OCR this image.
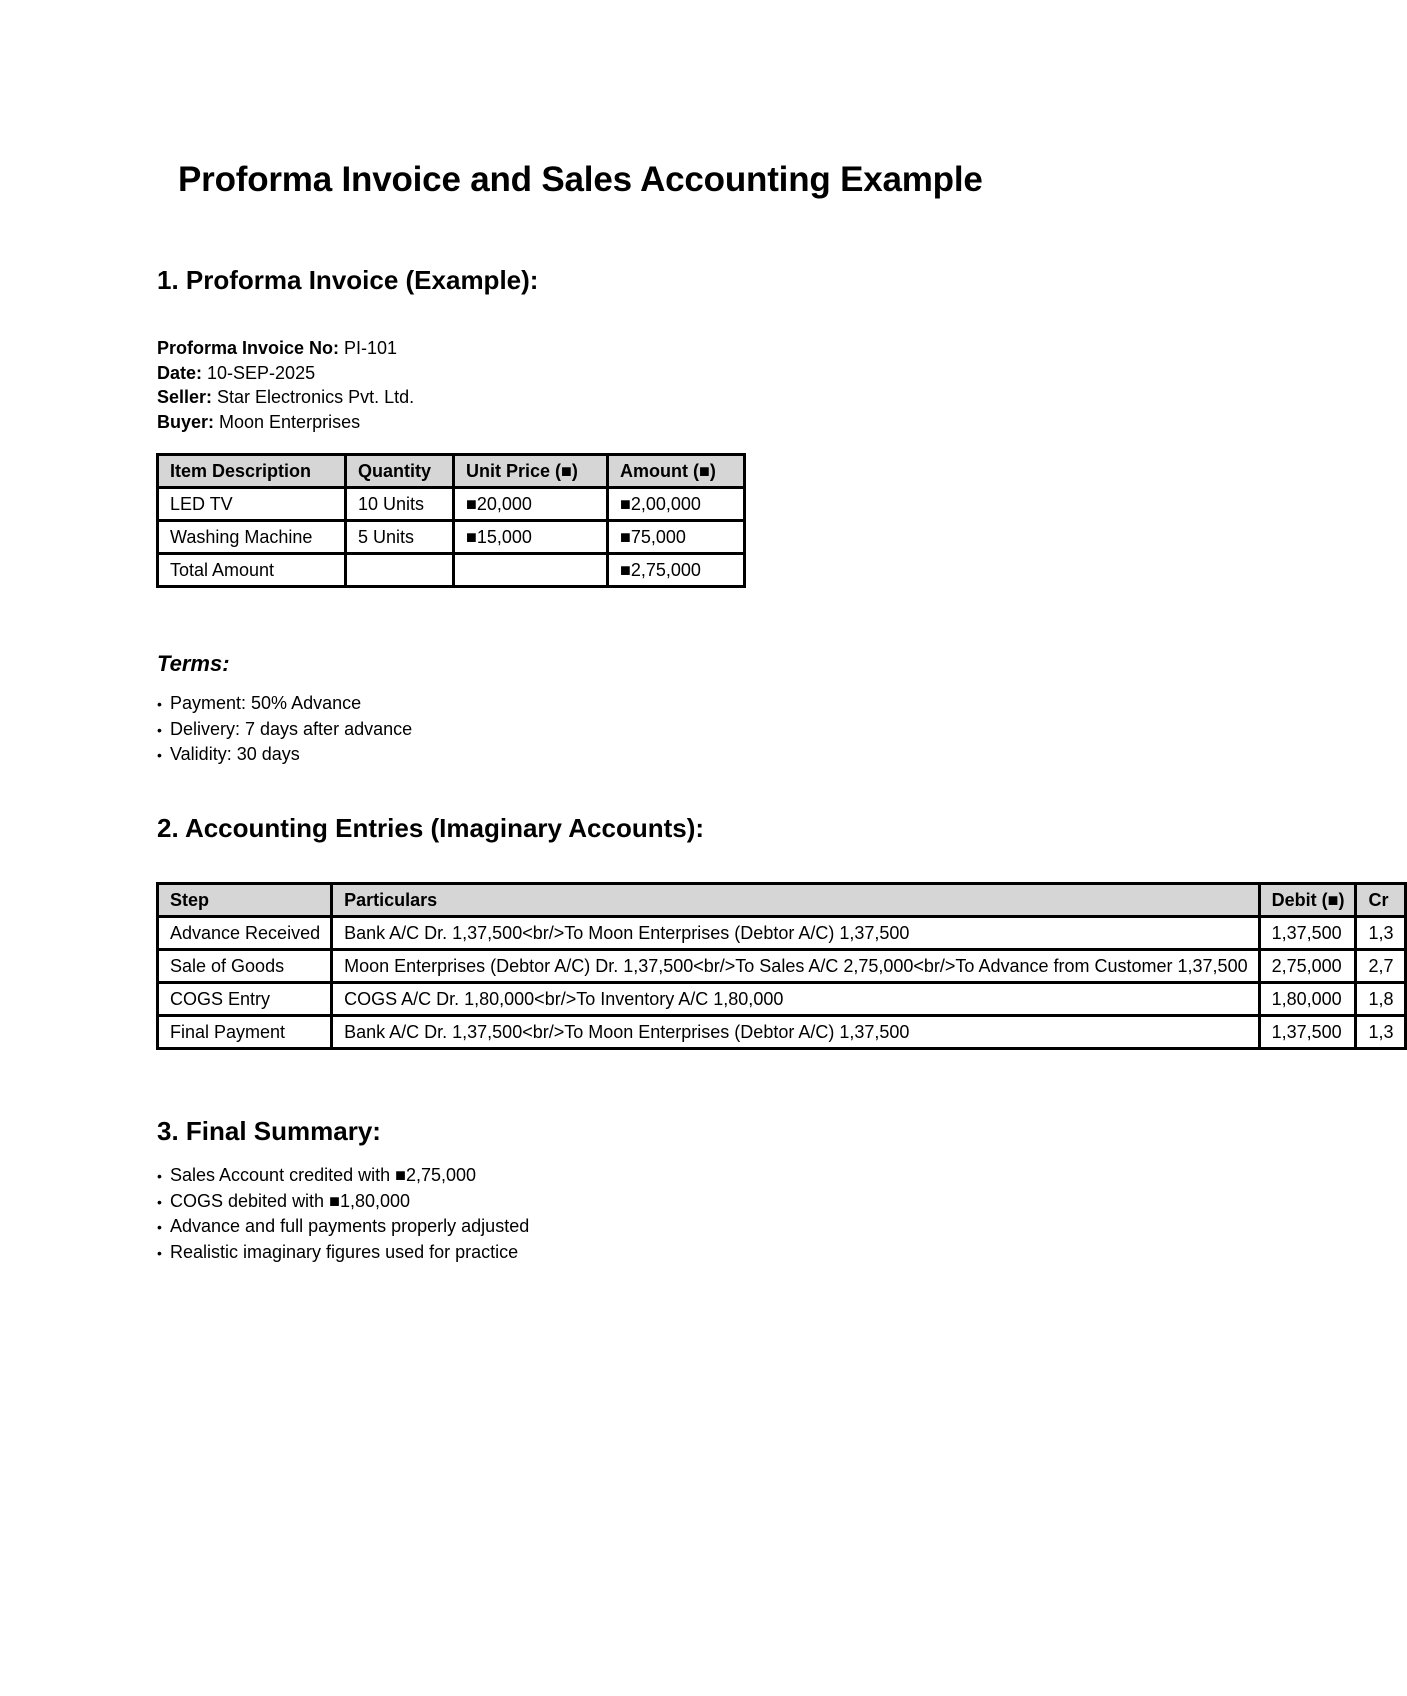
Proforma Invoice and Sales Accounting Example
1. Proforma Invoice (Example):
Proforma Invoice No: PI-101
Date: 10-SEP-2025
Seller: Star Electronics Pvt. Ltd.
Buyer: Moon Enterprises
Item Description	Quantity	Unit Price (■)	Amount (■)
LED TV	10 Units	■20,000	■2,00,000
Washing Machine	5 Units	■15,000	■75,000
Total Amount			■2,75,000
Terms:
• Payment: 50% Advance
• Delivery: 7 days after advance
• Validity: 30 days
2. Accounting Entries (Imaginary Accounts):
Step	Particulars	Debit (■)	Cr
Advance Received	Bank A/C Dr. 1,37,500<br/>To Moon Enterprises (Debtor A/C) 1,37,500	1,37,500	1,3
Sale of Goods	Moon Enterprises (Debtor A/C) Dr. 1,37,500<br/>To Sales A/C 2,75,000<br/>To Advance from Customer 1,37,500	2,75,000	2,7
COGS Entry	COGS A/C Dr. 1,80,000<br/>To Inventory A/C 1,80,000	1,80,000	1,8
Final Payment	Bank A/C Dr. 1,37,500<br/>To Moon Enterprises (Debtor A/C) 1,37,500	1,37,500	1,3
3. Final Summary:
• Sales Account credited with ■2,75,000
• COGS debited with ■1,80,000
• Advance and full payments properly adjusted
• Realistic imaginary figures used for practice
